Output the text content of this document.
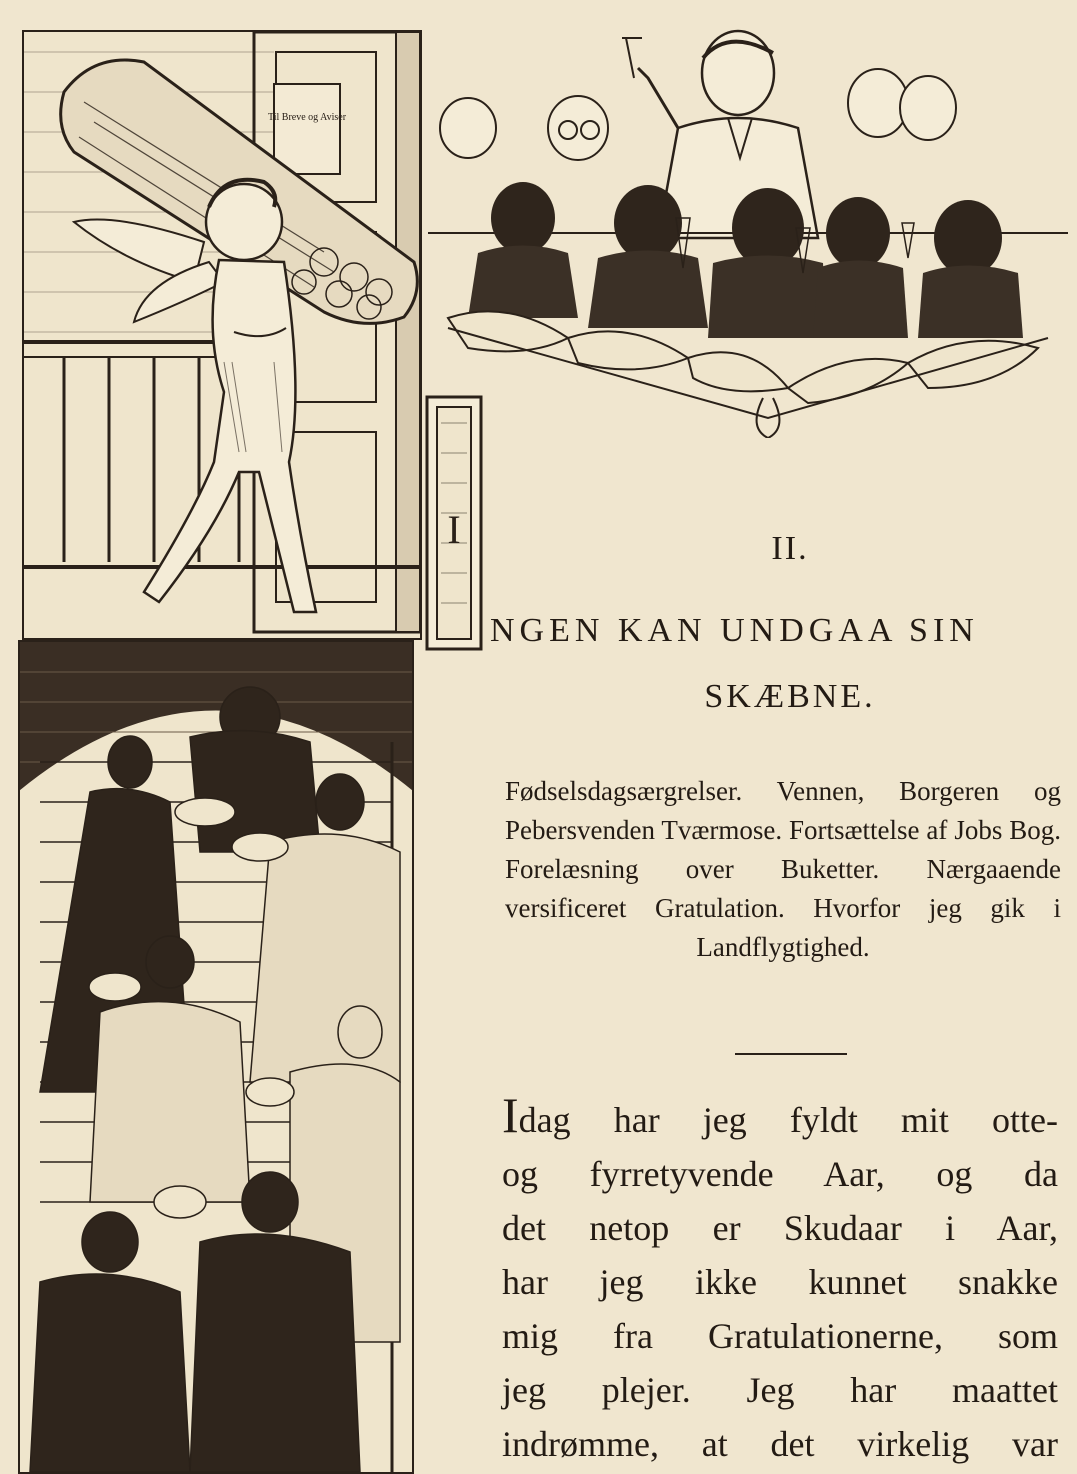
Til Breve og Aviser
I	II.
NGEN KAN UNDGAA SIN
SKÆBNE.
Fødselsdagsærgrelser. Vennen, Borgeren og Pebersvenden Tværmose. Fortsættelse af Jobs Bog. Forelæsning over Buketter. Nærgaaende versificeret Gratulation. Hvorfor jeg gik i Landflygtighed.
Idag har jeg fyldt mit otte-
og fyrretyvende Aar, og da
det netop er Skudaar i Aar,
har jeg ikke kunnet snakke
mig fra Gratulationerne, som
jeg plejer. Jeg har maattet
indrømme, at det virkelig var
